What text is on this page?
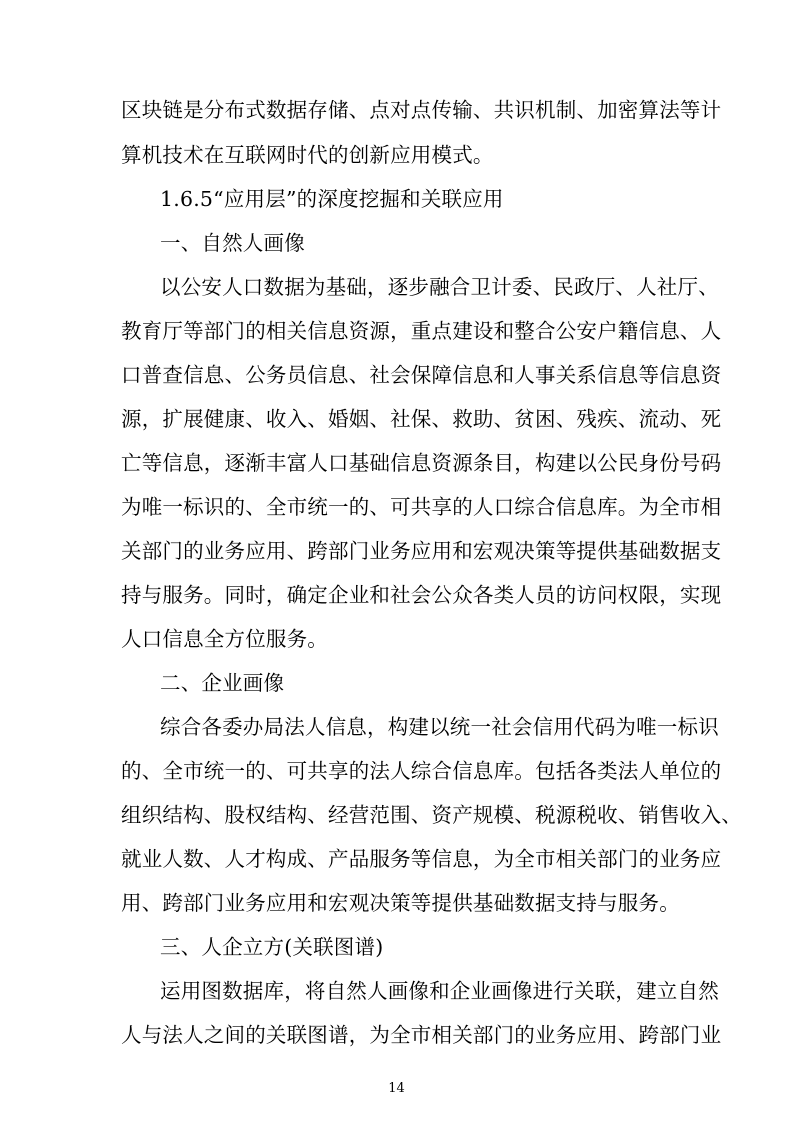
区块链是分布式数据存储、点对点传输、共识机制、加密算法等计
算机技术在互联网时代的创新应用模式。
1.6.5“应用层”的深度挖掘和关联应用
一、自然人画像
以公安人口数据为基础，逐步融合卫计委、民政厅、人社厅、
教育厅等部门的相关信息资源，重点建设和整合公安户籍信息、人
口普查信息、公务员信息、社会保障信息和人事关系信息等信息资
源，扩展健康、收入、婚姻、社保、救助、贫困、残疾、流动、死
亡等信息，逐渐丰富人口基础信息资源条目，构建以公民身份号码
为唯一标识的、全市统一的、可共享的人口综合信息库。为全市相
关部门的业务应用、跨部门业务应用和宏观决策等提供基础数据支
持与服务。同时，确定企业和社会公众各类人员的访问权限，实现
人口信息全方位服务。
二、企业画像
综合各委办局法人信息，构建以统一社会信用代码为唯一标识
的、全市统一的、可共享的法人综合信息库。包括各类法人单位的
组织结构、股权结构、经营范围、资产规模、税源税收、销售收入、
就业人数、人才构成、产品服务等信息，为全市相关部门的业务应
用、跨部门业务应用和宏观决策等提供基础数据支持与服务。
三、人企立方(关联图谱)
运用图数据库，将自然人画像和企业画像进行关联，建立自然
人与法人之间的关联图谱，为全市相关部门的业务应用、跨部门业
14
